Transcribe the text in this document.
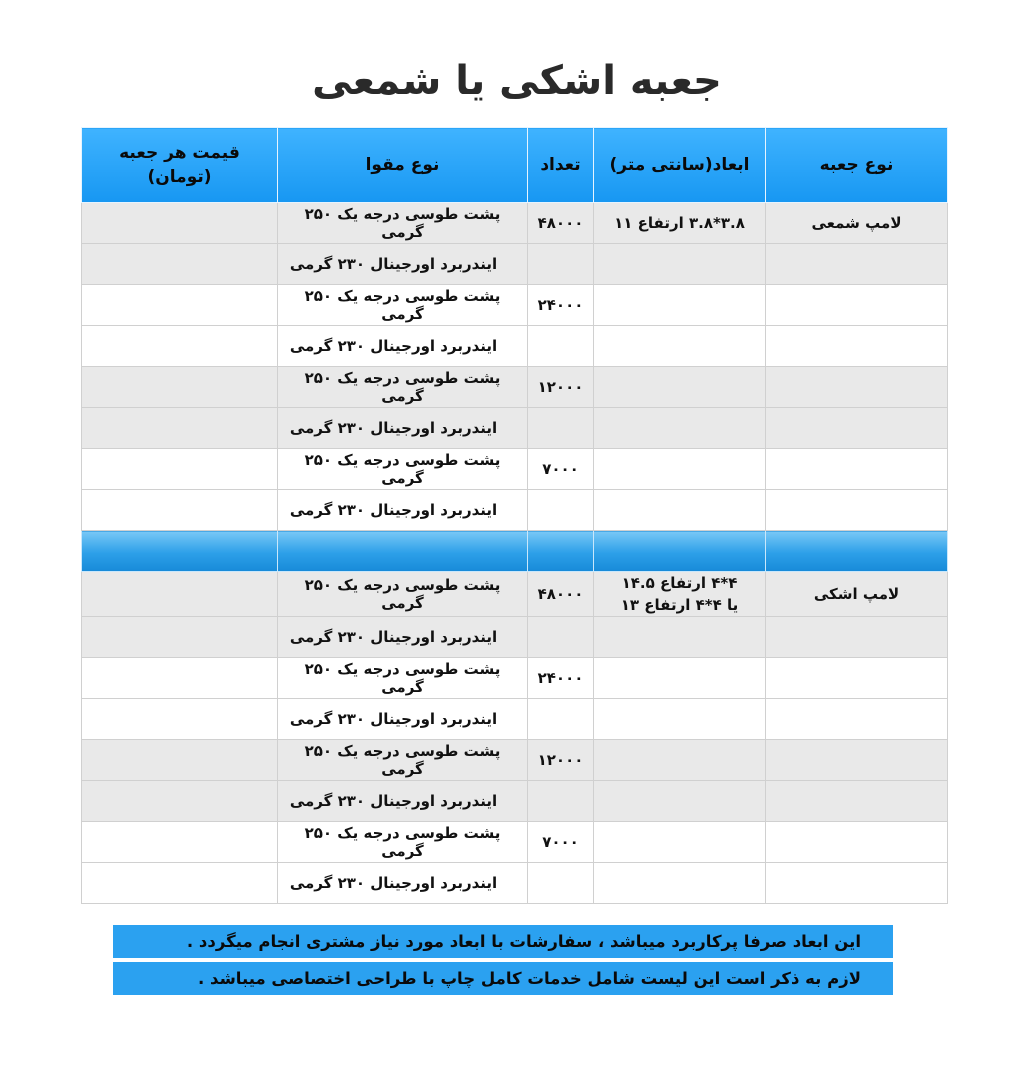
جعبه اشکی یا شمعی
نوع جعبه	ابعاد(سانتی متر)	تعداد	نوع مقوا	قیمت هر جعبه
(تومان)
لامپ شمعی	۳.۸*۳.۸ ارتفاع ۱۱	۴۸۰۰۰	پشت طوسی درجه یک ۲۵۰ گرمی	
			ایندربرد اورجینال ۲۳۰ گرمی	
		۲۴۰۰۰	پشت طوسی درجه یک ۲۵۰ گرمی	
			ایندربرد اورجینال ۲۳۰ گرمی	
		۱۲۰۰۰	پشت طوسی درجه یک ۲۵۰ گرمی	
			ایندربرد اورجینال ۲۳۰ گرمی	
		۷۰۰۰	پشت طوسی درجه یک ۲۵۰ گرمی	
			ایندربرد اورجینال ۲۳۰ گرمی	

لامپ اشکی	۴*۴ ارتفاع ۱۴.۵
یا ۴*۴ ارتفاع ۱۳	۴۸۰۰۰	پشت طوسی درجه یک ۲۵۰ گرمی	
			ایندربرد اورجینال ۲۳۰ گرمی	
		۲۴۰۰۰	پشت طوسی درجه یک ۲۵۰ گرمی	
			ایندربرد اورجینال ۲۳۰ گرمی	
		۱۲۰۰۰	پشت طوسی درجه یک ۲۵۰ گرمی	
			ایندربرد اورجینال ۲۳۰ گرمی	
		۷۰۰۰	پشت طوسی درجه یک ۲۵۰ گرمی	
			ایندربرد اورجینال ۲۳۰ گرمی	
این ابعاد صرفا پرکاربرد میباشد ، سفارشات با ابعاد مورد نیاز مشتری انجام میگردد .
لازم به ذکر است این لیست شامل خدمات کامل چاپ با طراحی اختصاصی میباشد .
